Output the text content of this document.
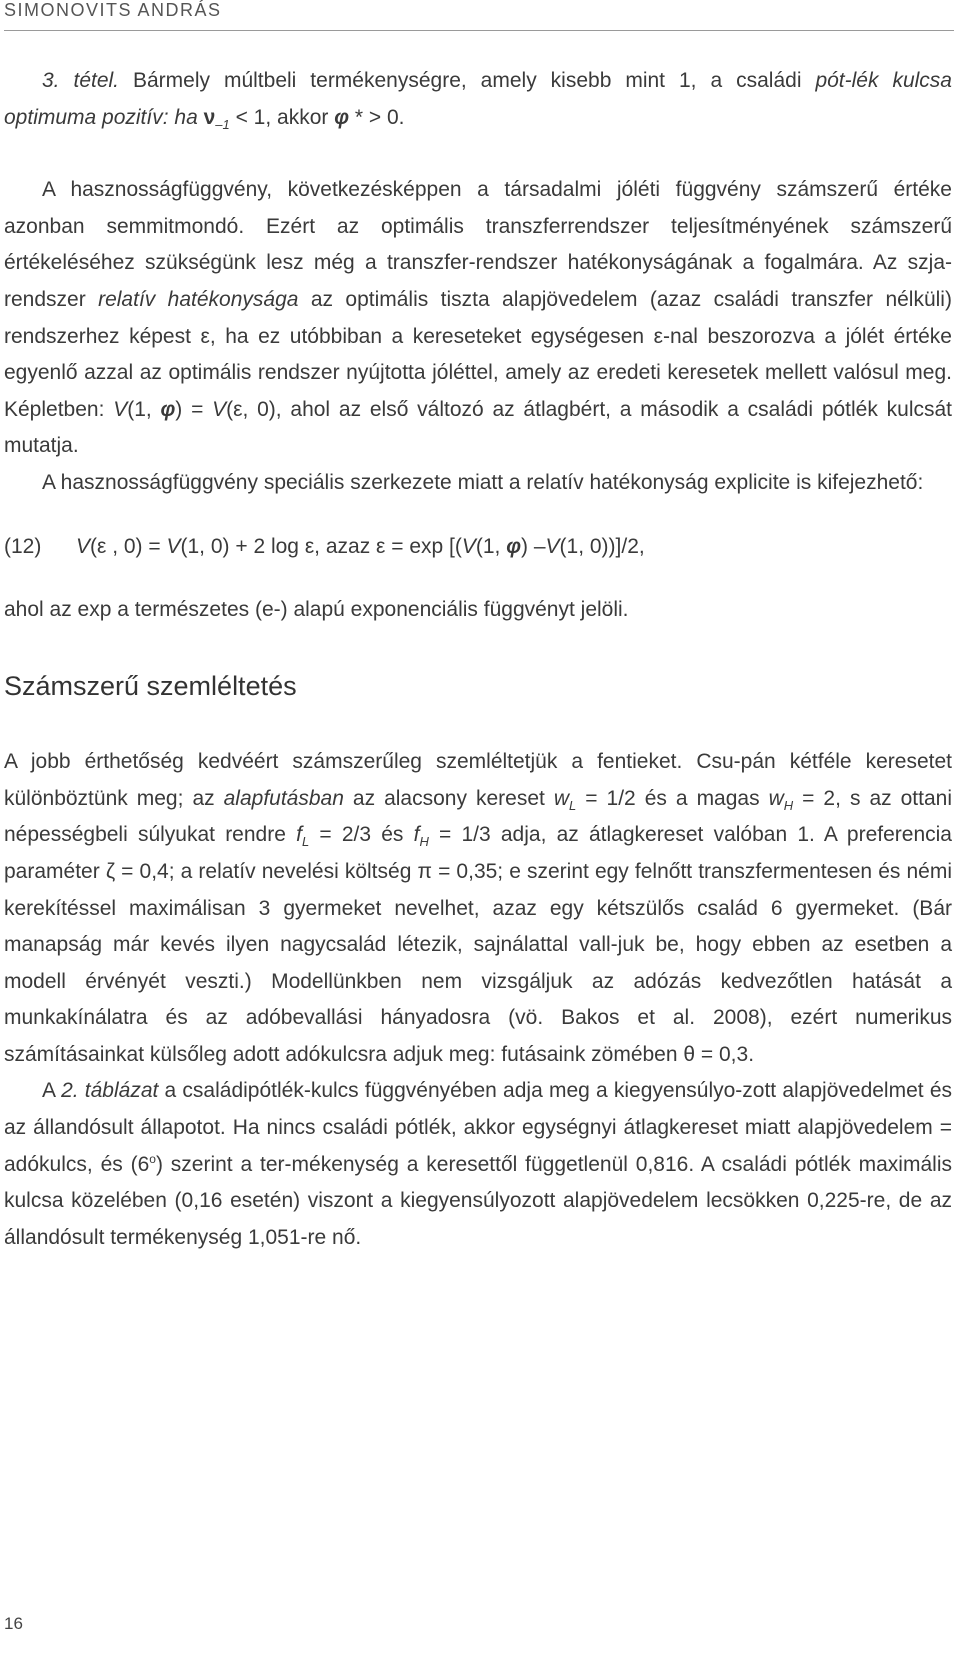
SIMONOVITS ANDRÁS

3. tétel. Bármely múltbeli termékenységre, amely kisebb mint 1, a családi pót-lék kulcsa optimuma pozitív: ha $\nu_{-1} < 1$, akkor φ * > 0.

A hasznosságfüggvény, következésképpen a társadalmi jóléti függvény számszerű értéke azonban semmitmondó. Ezért az optimális transzferrendszer teljesítményének számszerű értékeléséhez szükségünk lesz még a transzfer-rendszer hatékonyságának a fogalmára. Az szja-rendszer relatív hatékonysága az optimális tiszta alapjövedelem (azaz családi transzfer nélküli) rendszerhez képest ε, ha ez utóbbiban a kereseteket egységesen ε-nal beszorozva a jólét értéke egyenlő azzal az optimális rendszer nyújtotta jóléttel, amely az eredeti keresetek mellett valósul meg. Képletben: V(1, φ) = V(ε, 0), ahol az első változó az átlagbért, a második a családi pótlék kulcsát mutatja.

A hasznosságfüggvény speciális szerkezete miatt a relatív hatékonyság explicite is kifejezhető:

(12) V(ε , 0) = V(1, 0) + 2 log ε, azaz ε = exp [(V(1, φ) –V(1, 0))]/2,

ahol az exp a természetes (e-) alapú exponenciális függvényt jelöli.

Számszerű szemléltetés

A jobb érthetőség kedvéért számszerűleg szemléltetjük a fentieket. Csu-pán kétféle keresetet különböztünk meg; az alapfutásban az alacsony kereset $w_L = 1/2$ és a magas $w_H = 2$, s az ottani népességbeli súlyukat rendre $f_L = 2/3$ és $f_H = 1/3$ adja, az átlagkereset valóban 1. A preferencia paraméter ζ = 0,4; a relatív nevelési költség π = 0,35; e szerint egy felnőtt transzfermentesen és némi kerekítéssel maximálisan 3 gyermeket nevelhet, azaz egy kétszülős család 6 gyermeket. (Bár manapság már kevés ilyen nagycsalád létezik, sajnálattal vall-juk be, hogy ebben az esetben a modell érvényét veszti.) Modellünkben nem vizsgáljuk az adózás kedvezőtlen hatását a munkakínálatra és az adóbevallási hányadosra (vö. Bakos et al. 2008), ezért numerikus számításainkat külsőleg adott adókulcsra adjuk meg: futásaink zömében θ = 0,3.

A 2. táblázat a családipótlék-kulcs függvényében adja meg a kiegyensúlyo-zott alapjövedelmet és az állandósult állapotot. Ha nincs családi pótlék, akkor egységnyi átlagkereset miatt alapjövedelem = adókulcs, és (6$^o$) szerint a ter-mékenység a keresettől függetlenül 0,816. A családi pótlék maximális kulcsa közelében (0,16 esetén) viszont a kiegyensúlyozott alapjövedelem lecsökken 0,225-re, de az állandósult termékenység 1,051-re nő.

16
